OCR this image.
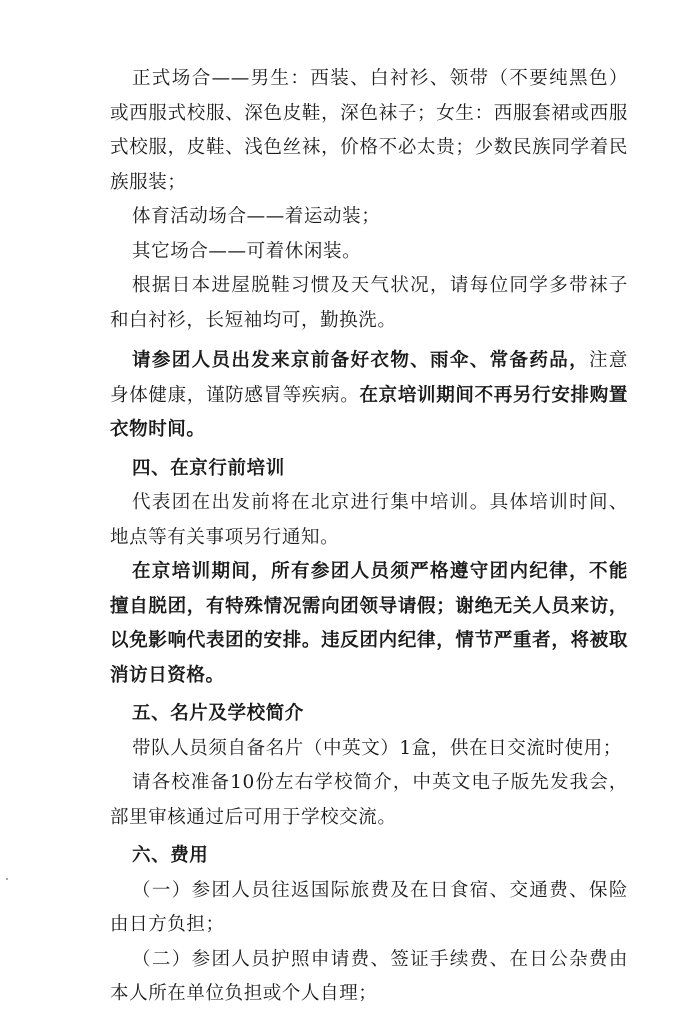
正式场合——男生：西装、白衬衫、领带（不要纯黑色）或西服式校服、深色皮鞋，深色袜子；女生：西服套裙或西服式校服，皮鞋、浅色丝袜，价格不必太贵；少数民族同学着民族服装；

体育活动场合——着运动装；

其它场合——可着休闲装。

根据日本进屋脱鞋习惯及天气状况，请每位同学多带袜子和白衬衫，长短袖均可，勤换洗。

请参团人员出发来京前备好衣物、雨伞、常备药品，注意身体健康，谨防感冒等疾病。在京培训期间不再另行安排购置衣物时间。

四、在京行前培训

代表团在出发前将在北京进行集中培训。具体培训时间、地点等有关事项另行通知。

在京培训期间，所有参团人员须严格遵守团内纪律，不能擅自脱团，有特殊情况需向团领导请假；谢绝无关人员来访，以免影响代表团的安排。违反团内纪律，情节严重者，将被取消访日资格。

五、名片及学校简介

带队人员须自备名片（中英文）1盒，供在日交流时使用；

请各校准备10份左右学校简介，中英文电子版先发我会，部里审核通过后可用于学校交流。

六、费用

（一）参团人员往返国际旅费及在日食宿、交通费、保险由日方负担；

（二）参团人员护照申请费、签证手续费、在日公杂费由本人所在单位负担或个人自理；
